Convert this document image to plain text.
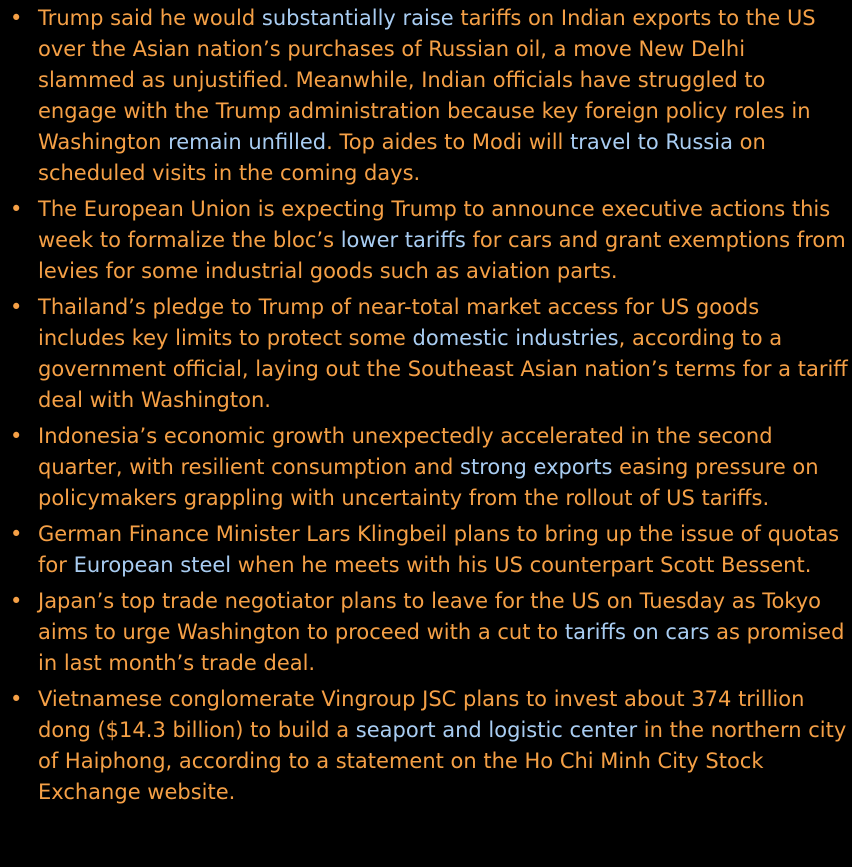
• Trump said he would substantially raise tariffs on Indian exports to the US over the Asian nation’s purchases of Russian oil, a move New Delhi slammed as unjustified. Meanwhile, Indian officials have struggled to engage with the Trump administration because key foreign policy roles in Washington remain unfilled. Top aides to Modi will travel to Russia on scheduled visits in the coming days.
• The European Union is expecting Trump to announce executive actions this week to formalize the bloc’s lower tariffs for cars and grant exemptions from levies for some industrial goods such as aviation parts.
• Thailand’s pledge to Trump of near-total market access for US goods includes key limits to protect some domestic industries, according to a government official, laying out the Southeast Asian nation’s terms for a tariff deal with Washington.
• Indonesia’s economic growth unexpectedly accelerated in the second quarter, with resilient consumption and strong exports easing pressure on policymakers grappling with uncertainty from the rollout of US tariffs.
• German Finance Minister Lars Klingbeil plans to bring up the issue of quotas for European steel when he meets with his US counterpart Scott Bessent.
• Japan’s top trade negotiator plans to leave for the US on Tuesday as Tokyo aims to urge Washington to proceed with a cut to tariffs on cars as promised in last month’s trade deal.
• Vietnamese conglomerate Vingroup JSC plans to invest about 374 trillion dong ($14.3 billion) to build a seaport and logistic center in the northern city of Haiphong, according to a statement on the Ho Chi Minh City Stock Exchange website.
